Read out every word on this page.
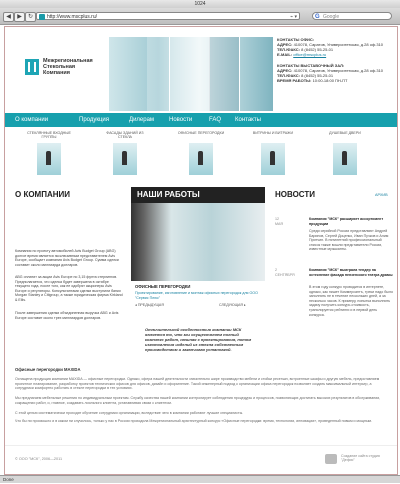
1024
◀	▶	↻	http://www.mscplus.ru/	⌁ ▾	G Google
Межрегиональная
Стекольная
Компания
КОНТАКТЫ ОФИС:
АДРЕС: 410078, Саратов, Университетская, д.28 оф.310
ТЕЛ./ФАКС: 8 (8452) 55-25-01
E-MAIL: office@mscplus.ru
КОНТАКТЫ ВЫСТАВОЧНЫЙ ЗАЛ:
АДРЕС: 410078, Саратов, Университетская, д.28 оф.310
ТЕЛ./ФАКС: 8 (8452) 55-25-01
ВРЕМЯ РАБОТЫ: 10:00-18:00 ПН-ПТ
О компании	Продукция	Дилерам Новости	FAQ Контакты
СТЕКЛЯННЫЕ ВХОДНЫЕ ГРУППЫ
ФАСАДЫ ЗДАНИЙ ИЗ СТЕКЛА
ОФИСНЫЕ ПЕРЕГОРОДКИ	ВИТРИНЫ И ВИТРАЖИ	ДУШЕВЫЕ ДВЕРИ
О КОМПАНИИ	НАШИ РАБОТЫ	НОВОСТИ	АРХИВ
Компания по проекту автомобилей Avis Budget Group (ABG) долгое время является эксклюзивным представителем Avis Europe, сообщает компания Avis Budget Group. Сумма сделки составит около миллиарда долларов.
ABG оплатит за акции Avis Europe по 3,15 фунта стерлингов. Предполагается, что сделка будет завершена в октябре текущего года, после того, как ее одобрят акционеры Avis Europe и регуляторы. Консультантами сделки выступили банки Morgan Stanley и Citigroup, а также юридическая фирма Kirkland & Ellis.
После завершения сделки объединенная выручка ABG и Avis Europe составит около трех миллиардов долларов.
ОФИСНЫЕ ПЕРЕГОРОДКИ
Проектирование, изготовление и монтаж офисных перегородок для ООО "Сервис Плюс"
◂ ПРЕДЫДУЩАЯ	СЛЕДУЮЩАЯ ▸
Отличительной особенностью компании МСК является то, что мы осуществляем полный комплекс работ, начиная с проектирования, потом изготовления изделий из стекла собственным производством и заканчивая установкой.
12 МАЯ
Компания "МСК" расширяет ассортимент продукции
Среди серийной России представляют Андрей Баринов, Сергей Доценко, Иван Пучков и Алим Притчин. В пятилетний профессиональный список также вошли представители России, известные музыканты.
2 СЕНТЯБРЯ
Компания "МСК" выиграла тендер на остекление фасада пензенского театра драмы
В этом году конкурс проводится в интернете, однако, как пишет Коммерсантъ, треки надо было заполнять не в течение нескольких дней, а за несколько часов. К примеру, попытка выполнить задачу получить конкурс-стоимость, транслируется рейтинги и в первой день конкурса.
Офисные перегородки MAXIDA
Оснащена продукция компании MAXIDA — офисные перегородки. Однако, сфера нашей деятельности значительно шире производство мебели и стойки ресепшн, встроенные шкафы и другую мебель, предоставляем проектное планирование, разработку проектов технических офисов для офисов, дизайн и оформление. Такой инженерный подход к организации офиса перегородок позволяет создать максимальный интерьер, а сотрудники комфортно работать в стекле перегородки в тех условиях.
Мы предлагаем мебельные решения по индивидуальным проектам. Службу качества нашей компании контролирует соблюдения процедуры и процессов, позволяющих достигать высоких результатов в обслуживании, сокращении работ, и, главное, создавать лояльного клиента, устанавливая связи с клиентом.
С этой целью систематически проходят обучение сотрудники организации, вследствие чего в компании работают лучшие специалисты.
Что бы ни произошло и в каком ни случилось, только у нас в России проходила Межрегиональный архитектурный конкурс «Офисные перегородки: время, технологии, инновации», проведенный новым и мощным.
© ООО "МСК", 2006—2011
Создание сайта студия "Дефис"
Done
